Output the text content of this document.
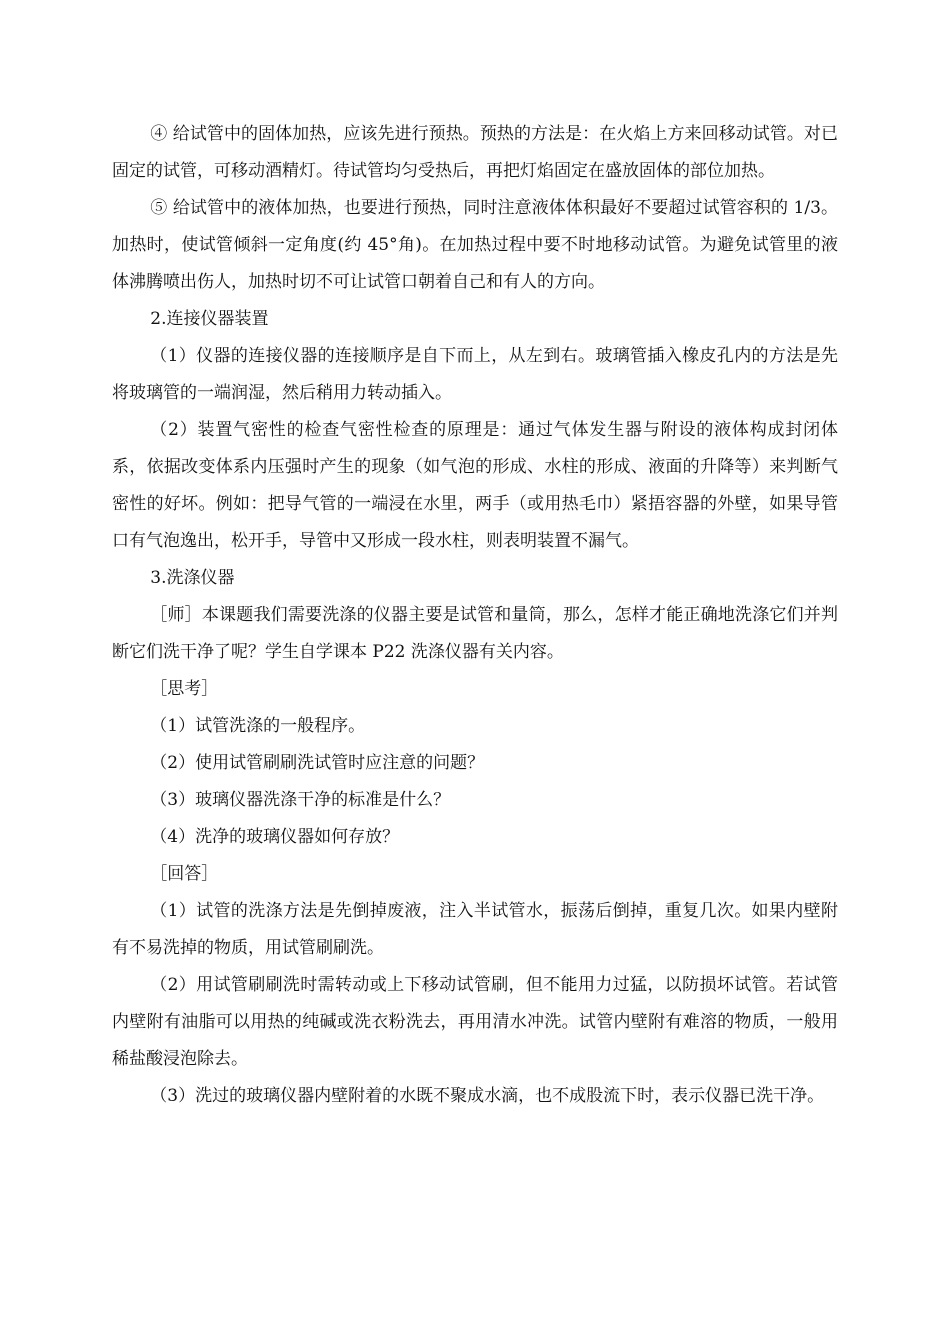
④ 给试管中的固体加热，应该先进行预热。预热的方法是：在火焰上方来回移动试管。对已固定的试管，可移动酒精灯。待试管均匀受热后，再把灯焰固定在盛放固体的部位加热。

⑤ 给试管中的液体加热，也要进行预热，同时注意液体体积最好不要超过试管容积的 1/3。加热时，使试管倾斜一定角度(约 45°角)。在加热过程中要不时地移动试管。为避免试管里的液体沸腾喷出伤人，加热时切不可让试管口朝着自己和有人的方向。

2.连接仪器装置

（1）仪器的连接仪器的连接顺序是自下而上，从左到右。玻璃管插入橡皮孔内的方法是先将玻璃管的一端润湿，然后稍用力转动插入。

（2）装置气密性的检查气密性检查的原理是：通过气体发生器与附设的液体构成封闭体系，依据改变体系内压强时产生的现象（如气泡的形成、水柱的形成、液面的升降等）来判断气密性的好坏。例如：把导气管的一端浸在水里，两手（或用热毛巾）紧捂容器的外壁，如果导管口有气泡逸出，松开手，导管中又形成一段水柱，则表明装置不漏气。

3.洗涤仪器

［师］本课题我们需要洗涤的仪器主要是试管和量筒，那么，怎样才能正确地洗涤它们并判断它们洗干净了呢？学生自学课本 P22 洗涤仪器有关内容。

［思考］

（1）试管洗涤的一般程序。

（2）使用试管刷刷洗试管时应注意的问题？

（3）玻璃仪器洗涤干净的标准是什么？

（4）洗净的玻璃仪器如何存放？

［回答］

（1）试管的洗涤方法是先倒掉废液，注入半试管水，振荡后倒掉，重复几次。如果内壁附有不易洗掉的物质，用试管刷刷洗。

（2）用试管刷刷洗时需转动或上下移动试管刷，但不能用力过猛，以防损坏试管。若试管内壁附有油脂可以用热的纯碱或洗衣粉洗去，再用清水冲洗。试管内壁附有难溶的物质，一般用稀盐酸浸泡除去。

（3）洗过的玻璃仪器内壁附着的水既不聚成水滴，也不成股流下时，表示仪器已洗干净。
